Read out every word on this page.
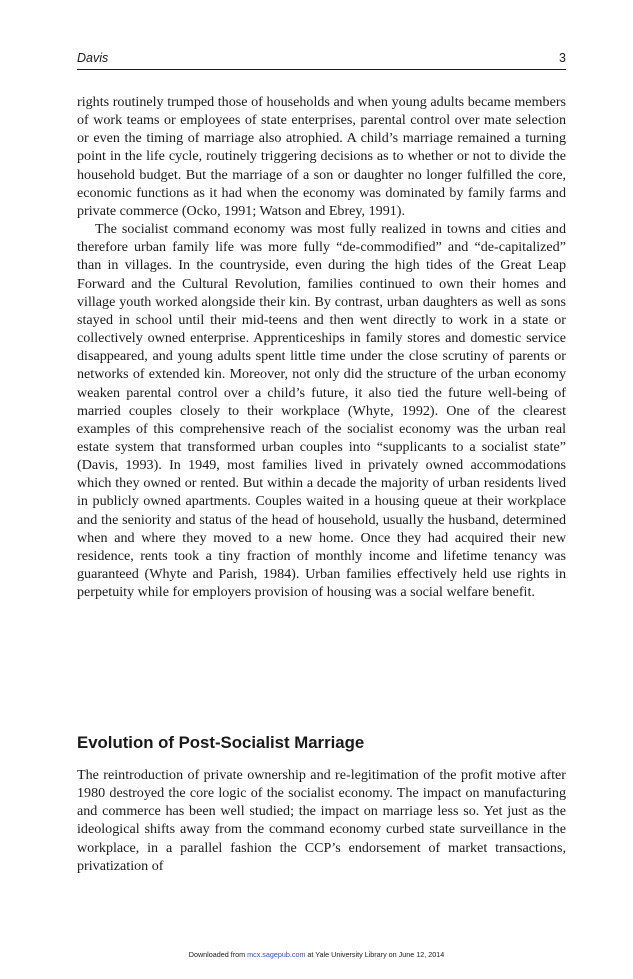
Davis	3

rights routinely trumped those of households and when young adults became members of work teams or employees of state enterprises, parental control over mate selection or even the timing of marriage also atrophied. A child’s marriage remained a turning point in the life cycle, routinely triggering decisions as to whether or not to divide the household budget. But the marriage of a son or daughter no longer fulfilled the core, economic functions as it had when the economy was dominated by family farms and private commerce (Ocko, 1991; Watson and Ebrey, 1991).

The socialist command economy was most fully realized in towns and cities and therefore urban family life was more fully “de-commodified” and “de-capitalized” than in villages. In the countryside, even during the high tides of the Great Leap Forward and the Cultural Revolution, families continued to own their homes and village youth worked alongside their kin. By contrast, urban daughters as well as sons stayed in school until their mid-teens and then went directly to work in a state or collectively owned enterprise. Apprenticeships in family stores and domestic service disappeared, and young adults spent little time under the close scrutiny of parents or networks of extended kin. Moreover, not only did the structure of the urban economy weaken parental control over a child’s future, it also tied the future well-being of married couples closely to their workplace (Whyte, 1992). One of the clearest examples of this comprehensive reach of the socialist economy was the urban real estate system that transformed urban couples into “supplicants to a socialist state” (Davis, 1993). In 1949, most families lived in privately owned accommodations which they owned or rented. But within a decade the majority of urban residents lived in publicly owned apartments. Couples waited in a housing queue at their workplace and the seniority and status of the head of household, usually the husband, determined when and where they moved to a new home. Once they had acquired their new residence, rents took a tiny fraction of monthly income and lifetime tenancy was guaranteed (Whyte and Parish, 1984). Urban families effectively held use rights in perpetuity while for employers provision of housing was a social welfare benefit.

Evolution of Post-Socialist Marriage

The reintroduction of private ownership and re-legitimation of the profit motive after 1980 destroyed the core logic of the socialist economy. The impact on manufacturing and commerce has been well studied; the impact on marriage less so. Yet just as the ideological shifts away from the command economy curbed state surveillance in the workplace, in a parallel fashion the CCP’s endorsement of market transactions, privatization of

Downloaded from mcx.sagepub.com at Yale University Library on June 12, 2014
